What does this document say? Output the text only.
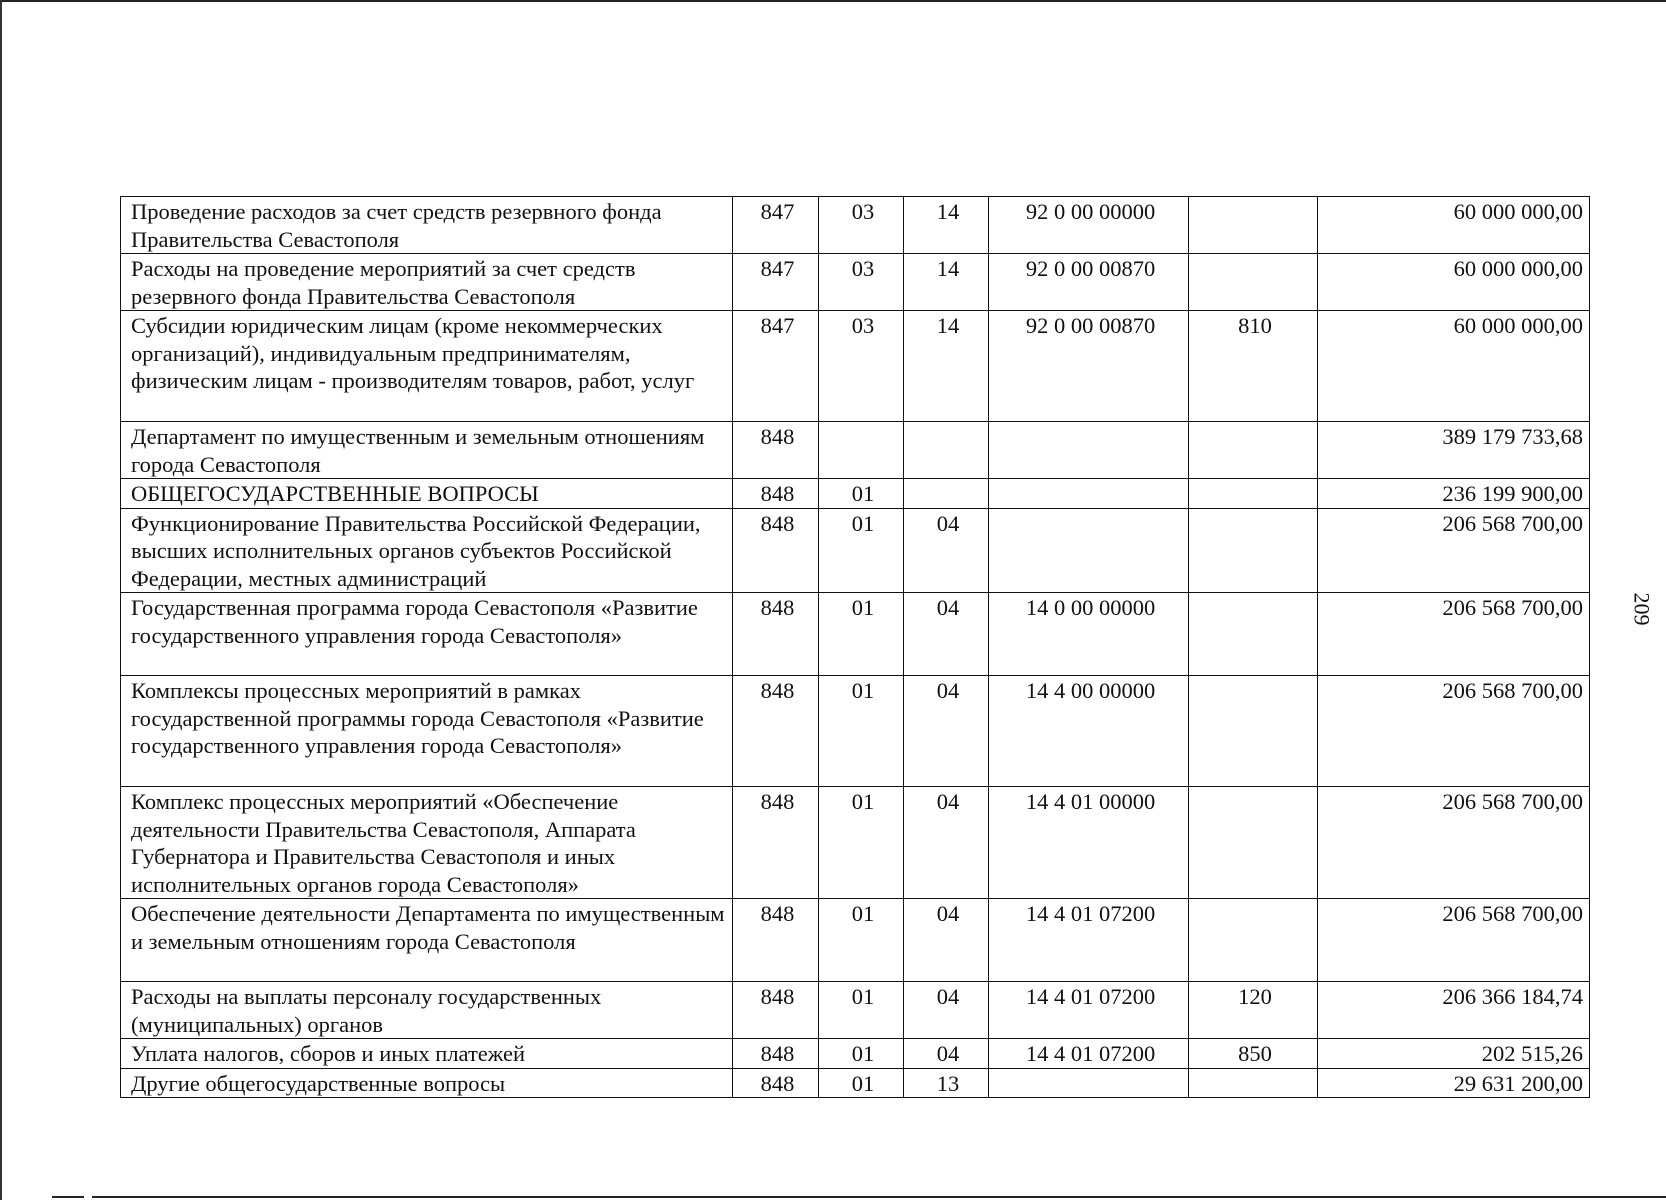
209
Проведение расходов за счет средств резервного фонда Правительства Севастополя	847	03	14	92 0 00 00000		60 000 000,00
Расходы на проведение мероприятий за счет средств резервного фонда Правительства Севастополя	847	03	14	92 0 00 00870		60 000 000,00
Субсидии юридическим лицам (кроме некоммерческих организаций), индивидуальным предпринимателям, физическим лицам - производителям товаров, работ, услуг	847	03	14	92 0 00 00870	810	60 000 000,00
Департамент по имущественным и земельным отношениям города Севастополя	848					389 179 733,68
ОБЩЕГОСУДАРСТВЕННЫЕ ВОПРОСЫ	848	01				236 199 900,00
Функционирование Правительства Российской Федерации, высших исполнительных органов субъектов Российской Федерации, местных администраций	848	01	04			206 568 700,00
Государственная программа города Севастополя «Развитие государственного управления города Севастополя»	848	01	04	14 0 00 00000		206 568 700,00
Комплексы процессных мероприятий в рамках государственной программы города Севастополя «Развитие государственного управления города Севастополя»	848	01	04	14 4 00 00000		206 568 700,00
Комплекс процессных мероприятий «Обеспечение деятельности Правительства Севастополя, Аппарата Губернатора и Правительства Севастополя и иных исполнительных органов города Севастополя»	848	01	04	14 4 01 00000		206 568 700,00
Обеспечение деятельности Департамента по имущественным и земельным отношениям города Севастополя	848	01	04	14 4 01 07200		206 568 700,00
Расходы на выплаты персоналу государственных (муниципальных) органов	848	01	04	14 4 01 07200	120	206 366 184,74
Уплата налогов, сборов и иных платежей	848	01	04	14 4 01 07200	850	202 515,26
Другие общегосударственные вопросы	848	01	13			29 631 200,00
